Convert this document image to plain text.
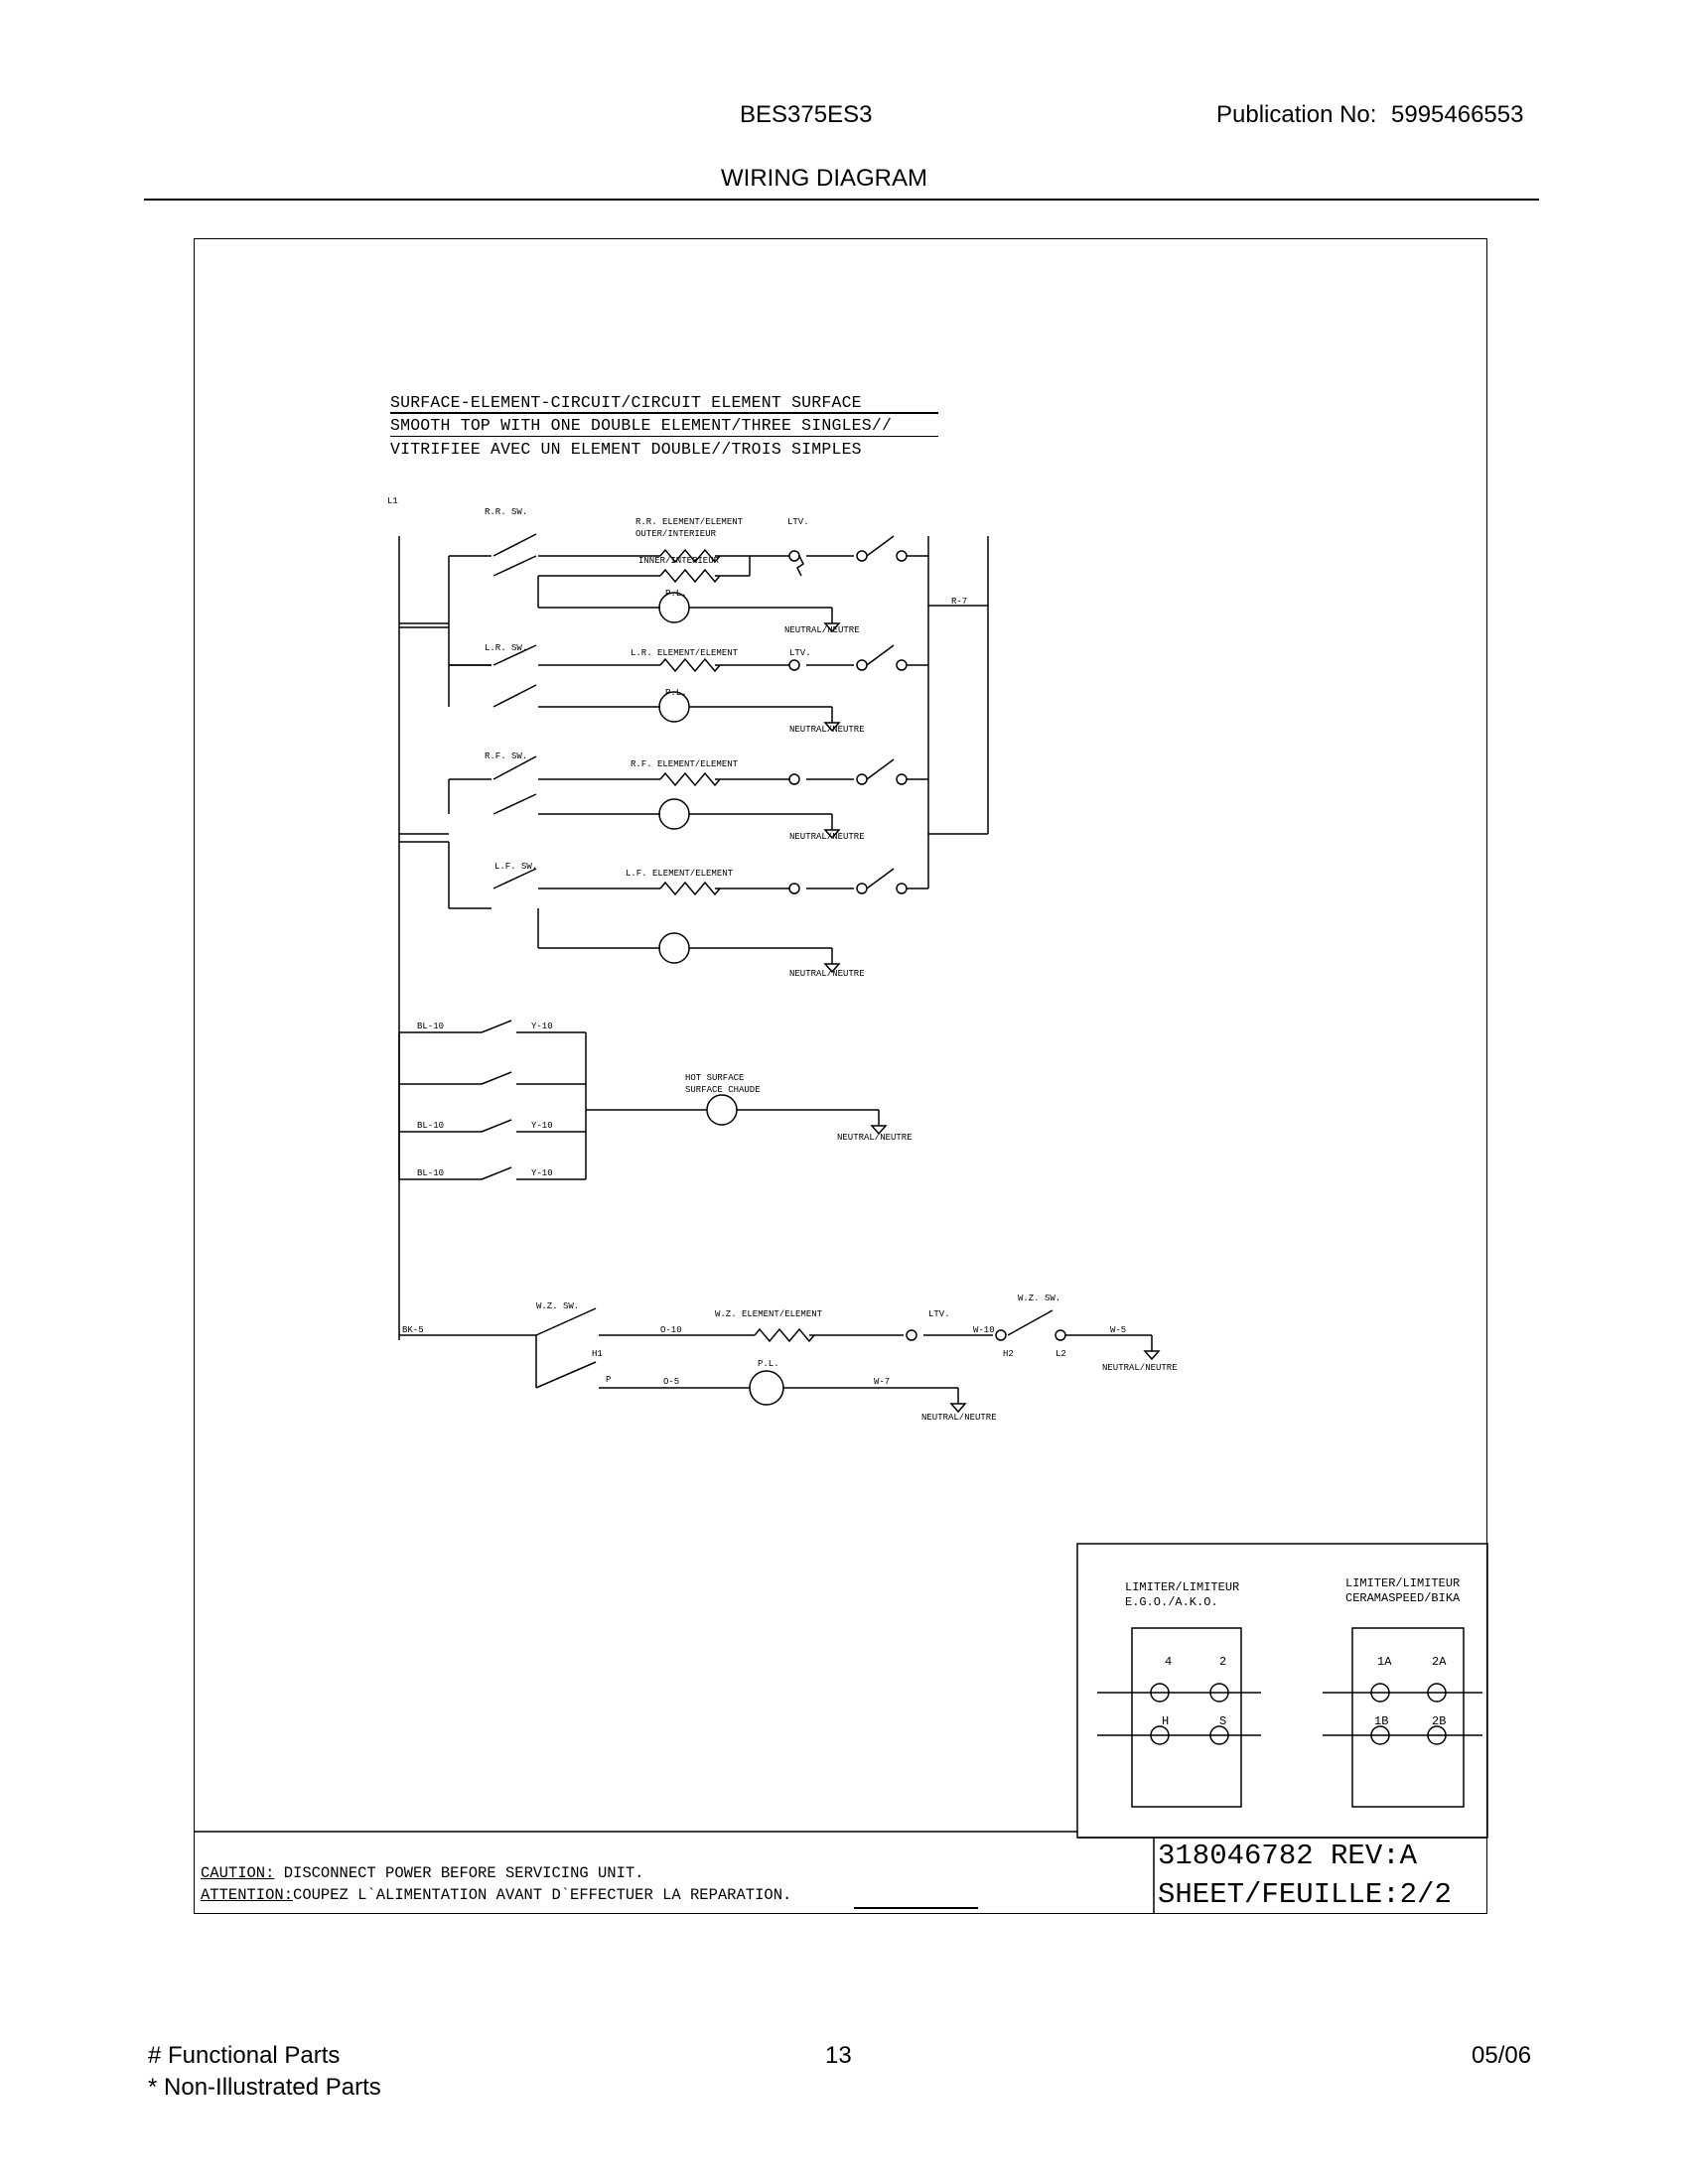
BES375ES3	Publication No: 5995466553
WIRING DIAGRAM
SURFACE-ELEMENT-CIRCUIT/CIRCUIT ELEMENT SURFACE
SMOOTH TOP WITH ONE DOUBLE ELEMENT/THREE SINGLES//
VITRIFIEE AVEC UN ELEMENT DOUBLE//TROIS SIMPLES
L1
R.R. SW.
R.R. ELEMENT/ELEMENT
OUTER/INTERIEUR
INNER/INTERIEUR
LTV.
P.L.
NEUTRAL/NEUTRE
R-7
L.R. SW.	L.R. ELEMENT/ELEMENT	LTV.
P.L.
NEUTRAL/NEUTRE
R.F. SW.
R.F. ELEMENT/ELEMENT
NEUTRAL/NEUTRE
L.F. SW.
L.F. ELEMENT/ELEMENT
NEUTRAL/NEUTRE
BL-10	Y-10
BL-10	Y-10
BL-10	Y-10
HOT SURFACE
SURFACE CHAUDE
NEUTRAL/NEUTRE
BK-5
W.Z. SW.
W.Z. ELEMENT/ELEMENT	LTV.
W.Z. SW.
O-10	W-10	W-5
H2	L2
H1
P	O-5	W-7
P.L.	NEUTRAL/NEUTRE
NEUTRAL/NEUTRE
LIMITER/LIMITEUR
E.G.O./A.K.O.
4	2
H	S
LIMITER/LIMITEUR
CERAMASPEED/BIKA
1A	2A
1B	2B
CAUTION: DISCONNECT POWER BEFORE SERVICING UNIT.
ATTENTION:COUPEZ L`ALIMENTATION AVANT D`EFFECTUER LA REPARATION.
318046782 REV:A
SHEET/FEUILLE:2/2
# Functional Parts
* Non-Illustrated Parts
13	05/06
